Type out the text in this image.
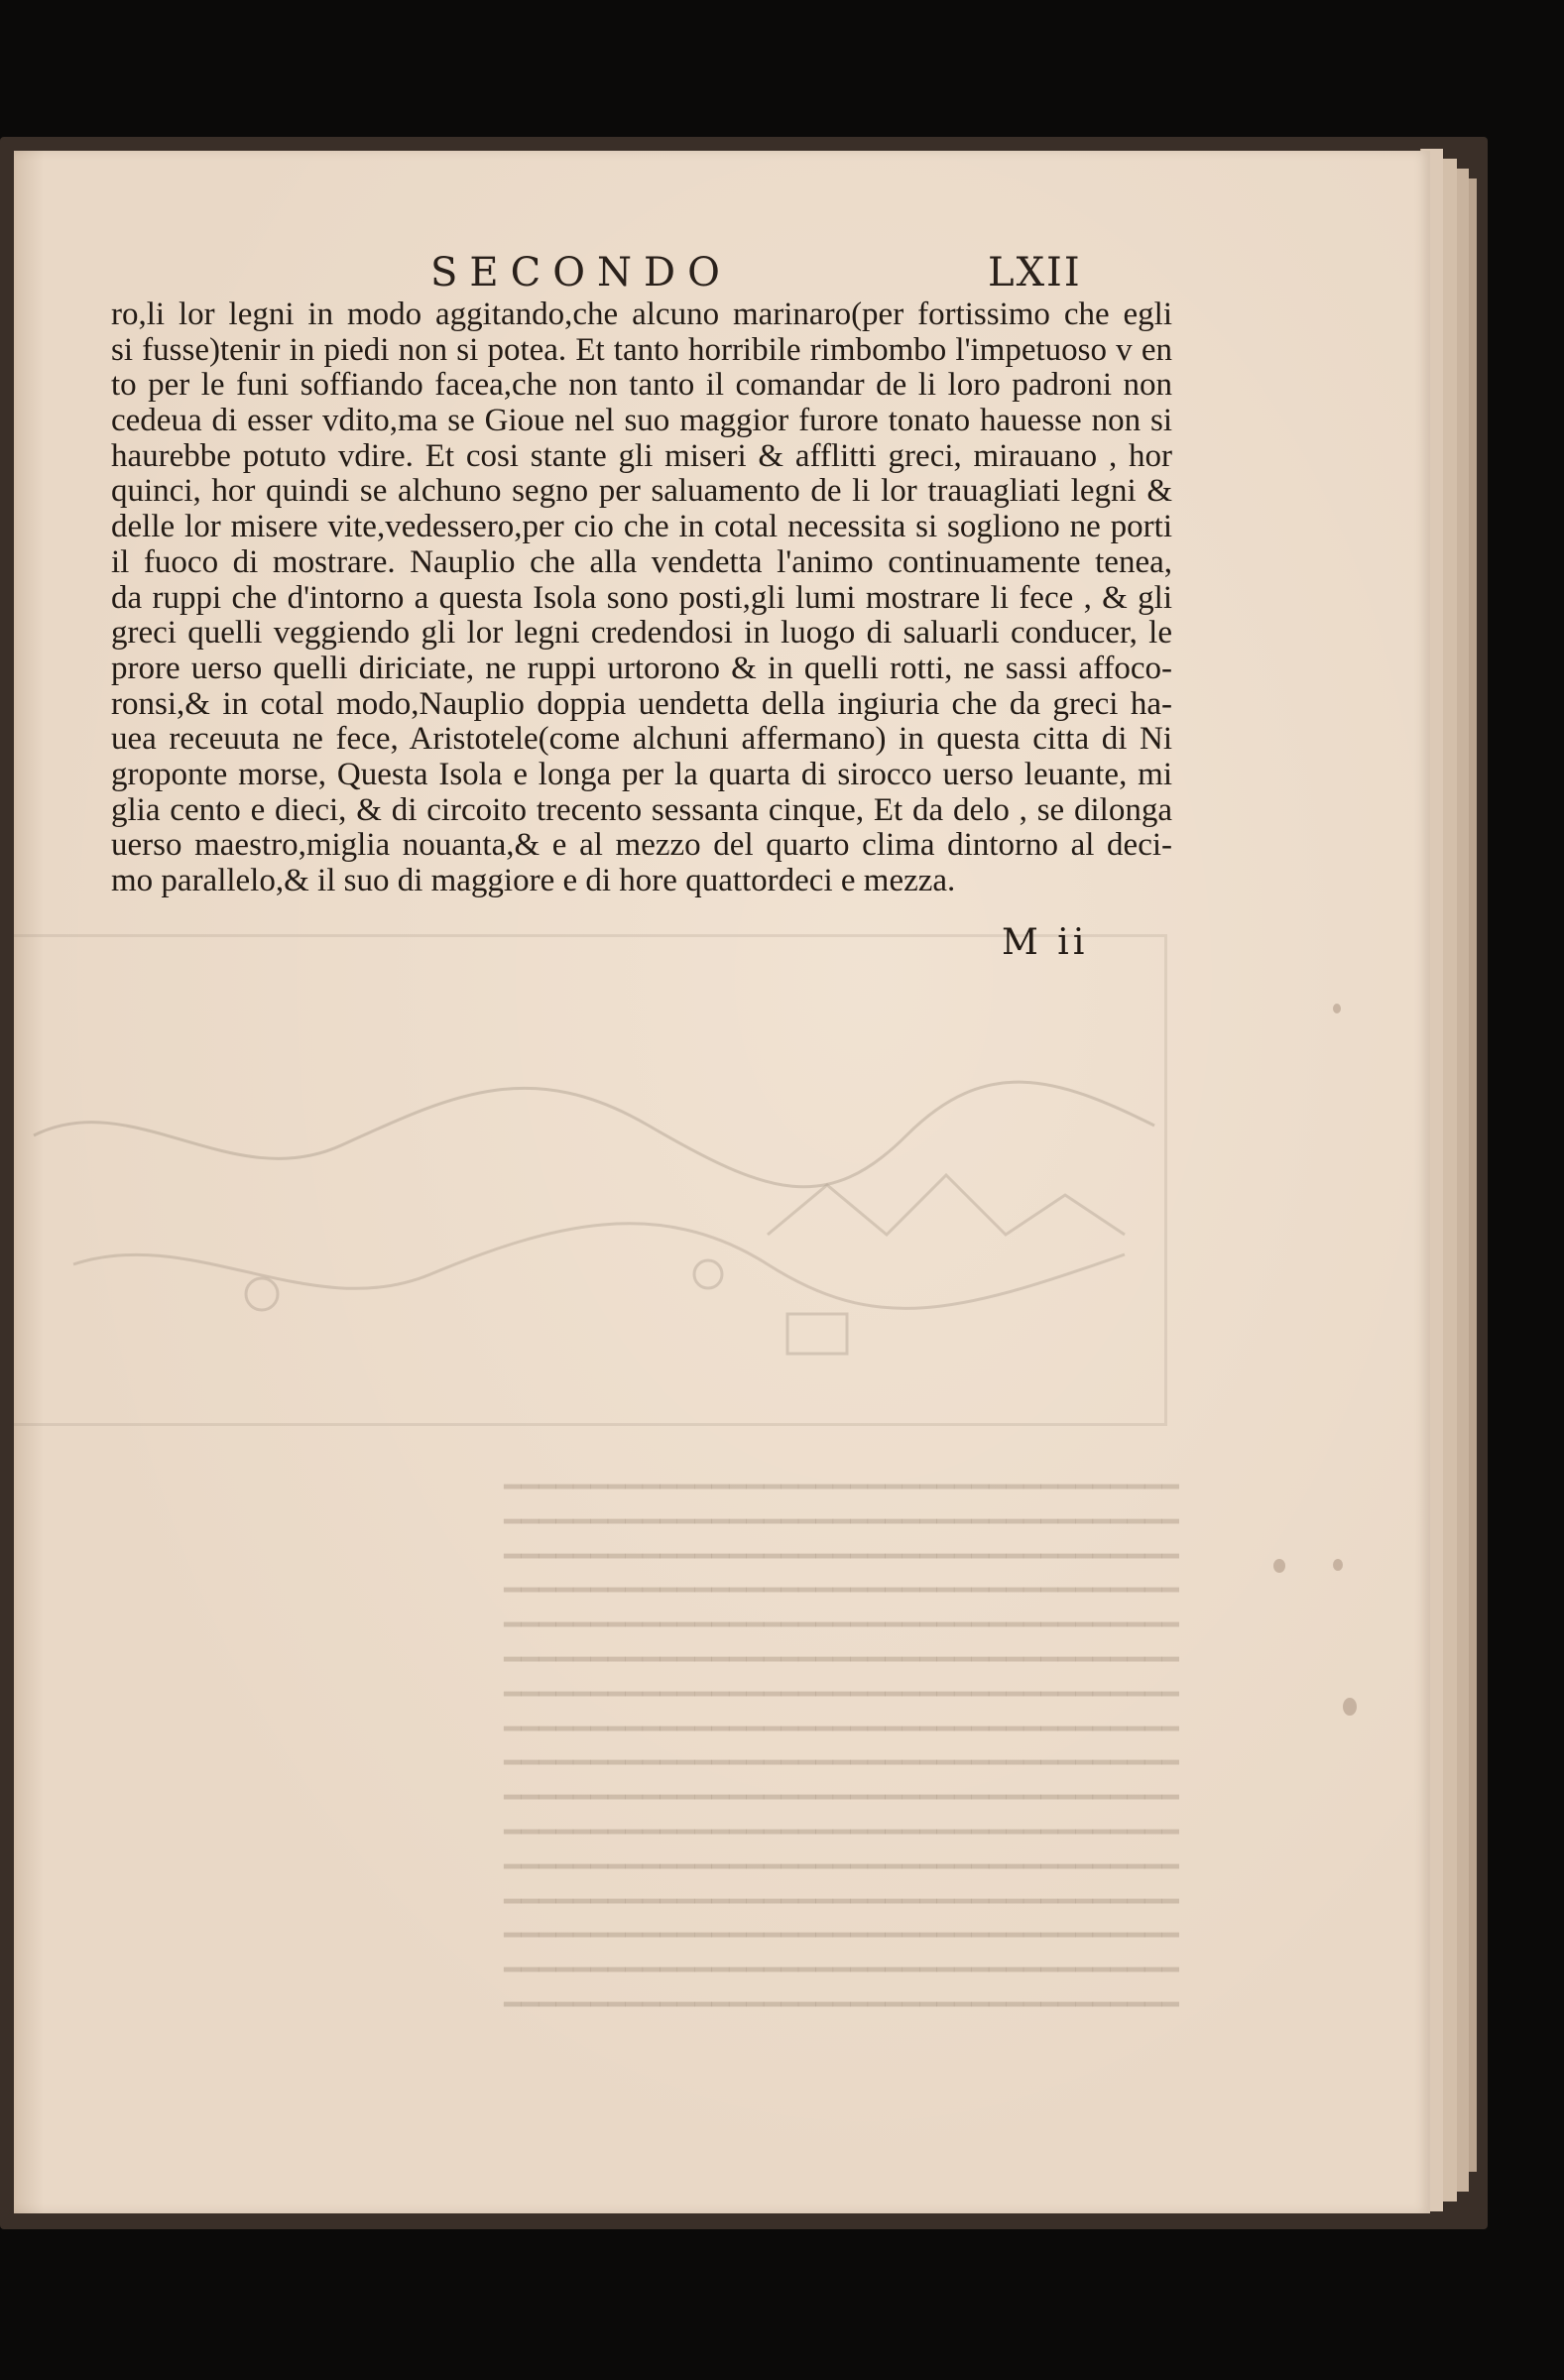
━━━━━━━━━━━━━━━━━━━━━━━━━━━━━━━━━━━━━━━
━━━━━━━━━━━━━━━━━━━━━━━━━━━━━━━━━━━━━━━
━━━━━━━━━━━━━━━━━━━━━━━━━━━━━━━━━━━━━━━
━━━━━━━━━━━━━━━━━━━━━━━━━━━━━━━━━━━━━━━
━━━━━━━━━━━━━━━━━━━━━━━━━━━━━━━━━━━━━━━
━━━━━━━━━━━━━━━━━━━━━━━━━━━━━━━━━━━━━━━
━━━━━━━━━━━━━━━━━━━━━━━━━━━━━━━━━━━━━━━
━━━━━━━━━━━━━━━━━━━━━━━━━━━━━━━━━━━━━━━
━━━━━━━━━━━━━━━━━━━━━━━━━━━━━━━━━━━━━━━
━━━━━━━━━━━━━━━━━━━━━━━━━━━━━━━━━━━━━━━
━━━━━━━━━━━━━━━━━━━━━━━━━━━━━━━━━━━━━━━
━━━━━━━━━━━━━━━━━━━━━━━━━━━━━━━━━━━━━━━
━━━━━━━━━━━━━━━━━━━━━━━━━━━━━━━━━━━━━━━
━━━━━━━━━━━━━━━━━━━━━━━━━━━━━━━━━━━━━━━
━━━━━━━━━━━━━━━━━━━━━━━━━━━━━━━━━━━━━━━
━━━━━━━━━━━━━━━━━━━━━━━━━━━━━━━━━━━━━━━
SECONDO	LXII
ro,li lor legni in modo aggitando,che alcuno marinaro(per fortissimo che egli
si fusse)tenir in piedi non si potea. Et tanto horribile rimbombo l'impetuoso v en
to per le funi soffiando facea,che non tanto il comandar de li loro padroni non
cedeua di esser vdito,ma se Gioue nel suo maggior furore tonato hauesse non si
haurebbe potuto vdire. Et cosi stante gli miseri & afflitti greci, mirauano , hor
quinci, hor quindi se alchuno segno per saluamento de li lor trauagliati legni &
delle lor misere vite,vedessero,per cio che in cotal necessita si sogliono ne porti
il fuoco di mostrare. Nauplio che alla vendetta l'animo continuamente tenea,
da ruppi che d'intorno a questa Isola sono posti,gli lumi mostrare li fece , & gli
greci quelli veggiendo gli lor legni credendosi in luogo di saluarli conducer, le
prore uerso quelli diriciate, ne ruppi urtorono & in quelli rotti, ne sassi affoco-
ronsi,& in cotal modo,Nauplio doppia uendetta della ingiuria che da greci ha-
uea receuuta ne fece, Aristotele(come alchuni affermano) in questa citta di Ni
groponte morse, Questa Isola e longa per la quarta di sirocco uerso leuante, mi
glia cento e dieci, & di circoito trecento sessanta cinque, Et da delo , se dilonga
uerso maestro,miglia nouanta,& e al mezzo del quarto clima dintorno al deci-
mo parallelo,& il suo di maggiore e di hore quattordeci e mezza.
M ii
